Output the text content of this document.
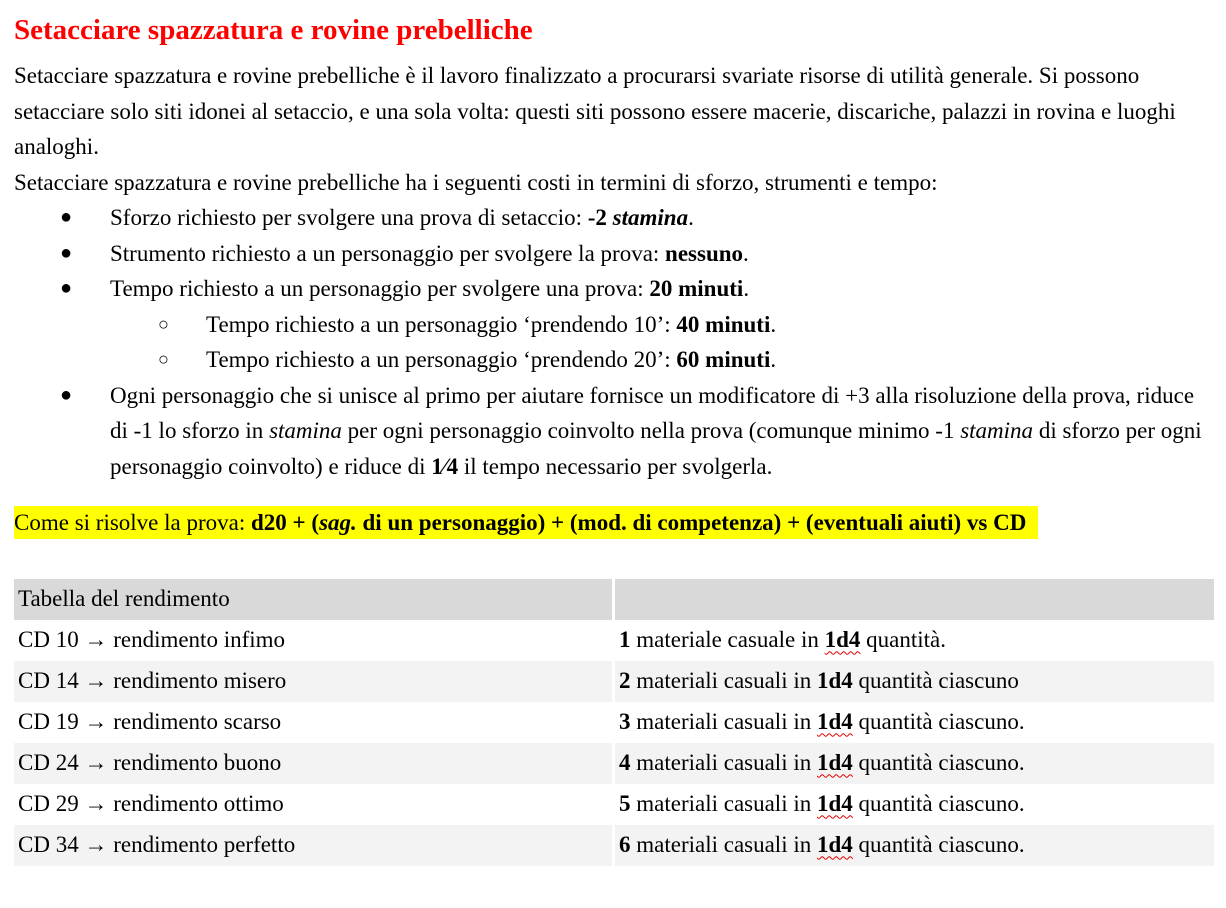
Setacciare spazzatura e rovine prebelliche

Setacciare spazzatura e rovine prebelliche è il lavoro finalizzato a procurarsi svariate risorse di utilità generale. Si possono setacciare solo siti idonei al setaccio, e una sola volta: questi siti possono essere macerie, discariche, palazzi in rovina e luoghi analoghi.

Setacciare spazzatura e rovine prebelliche ha i seguenti costi in termini di sforzo, strumenti e tempo:

● Sforzo richiesto per svolgere una prova di setaccio: -2 stamina.
● Strumento richiesto a un personaggio per svolgere la prova: nessuno.
● Tempo richiesto a un personaggio per svolgere una prova: 20 minuti.
○ Tempo richiesto a un personaggio ‘prendendo 10’: 40 minuti.
○ Tempo richiesto a un personaggio ‘prendendo 20’: 60 minuti.
● Ogni personaggio che si unisce al primo per aiutare fornisce un modificatore di +3 alla risoluzione della prova, riduce di -1 lo sforzo in stamina per ogni personaggio coinvolto nella prova (comunque minimo -1 stamina di sforzo per ogni personaggio coinvolto) e riduce di 1⁄4 il tempo necessario per svolgerla.
Come si risolve la prova: d20 + (sag. di un personaggio) + (mod. di competenza) + (eventuali aiuti) vs CD
Tabella del rendimento	
CD 10 → rendimento infimo	1 materiale casuale in 1d4 quantità.
CD 14 → rendimento misero	2 materiali casuali in 1d4 quantità ciascuno
CD 19 → rendimento scarso	3 materiali casuali in 1d4 quantità ciascuno.
CD 24 → rendimento buono	4 materiali casuali in 1d4 quantità ciascuno.
CD 29 → rendimento ottimo	5 materiali casuali in 1d4 quantità ciascuno.
CD 34 → rendimento perfetto	6 materiali casuali in 1d4 quantità ciascuno.
